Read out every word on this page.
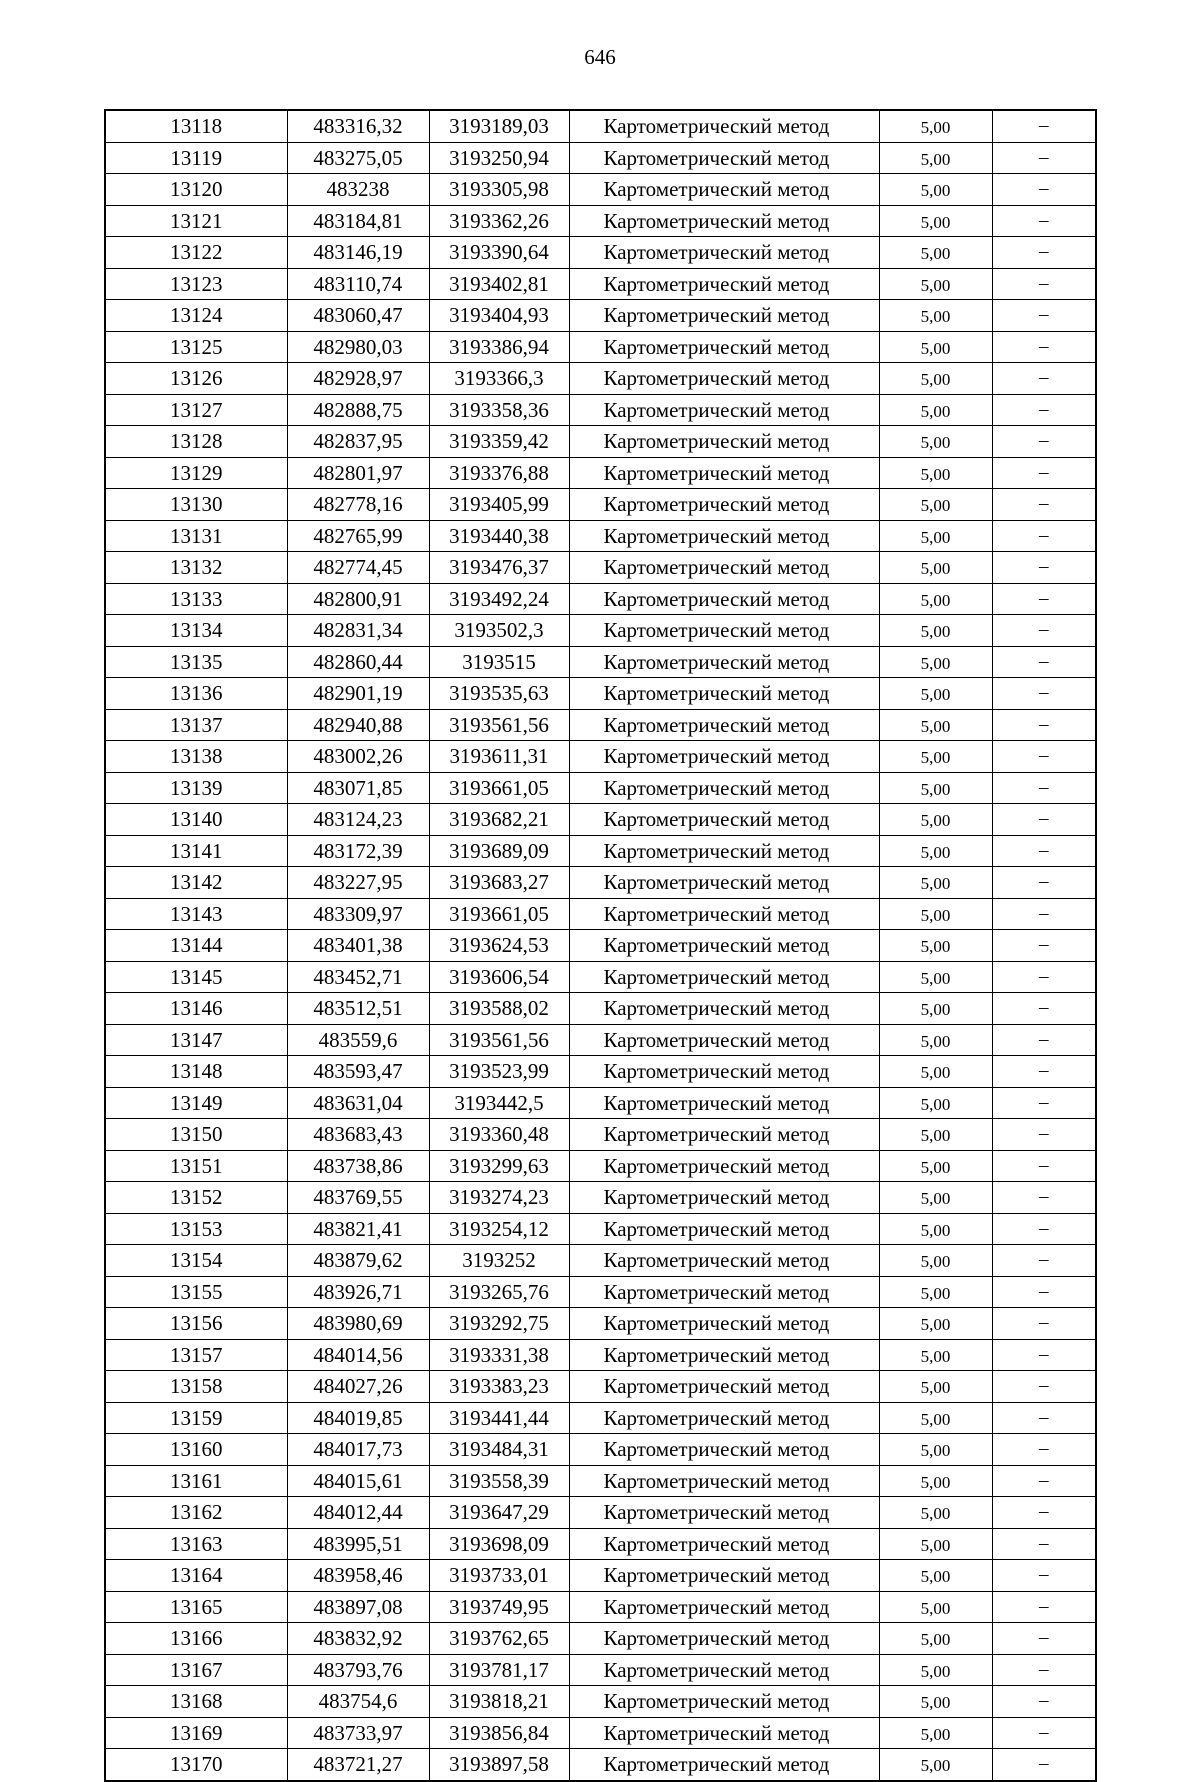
646
13118	483316,32	3193189,03	Картометрический метод	5,00	–
13119	483275,05	3193250,94	Картометрический метод	5,00	–
13120	483238	3193305,98	Картометрический метод	5,00	–
13121	483184,81	3193362,26	Картометрический метод	5,00	–
13122	483146,19	3193390,64	Картометрический метод	5,00	–
13123	483110,74	3193402,81	Картометрический метод	5,00	–
13124	483060,47	3193404,93	Картометрический метод	5,00	–
13125	482980,03	3193386,94	Картометрический метод	5,00	–
13126	482928,97	3193366,3	Картометрический метод	5,00	–
13127	482888,75	3193358,36	Картометрический метод	5,00	–
13128	482837,95	3193359,42	Картометрический метод	5,00	–
13129	482801,97	3193376,88	Картометрический метод	5,00	–
13130	482778,16	3193405,99	Картометрический метод	5,00	–
13131	482765,99	3193440,38	Картометрический метод	5,00	–
13132	482774,45	3193476,37	Картометрический метод	5,00	–
13133	482800,91	3193492,24	Картометрический метод	5,00	–
13134	482831,34	3193502,3	Картометрический метод	5,00	–
13135	482860,44	3193515	Картометрический метод	5,00	–
13136	482901,19	3193535,63	Картометрический метод	5,00	–
13137	482940,88	3193561,56	Картометрический метод	5,00	–
13138	483002,26	3193611,31	Картометрический метод	5,00	–
13139	483071,85	3193661,05	Картометрический метод	5,00	–
13140	483124,23	3193682,21	Картометрический метод	5,00	–
13141	483172,39	3193689,09	Картометрический метод	5,00	–
13142	483227,95	3193683,27	Картометрический метод	5,00	–
13143	483309,97	3193661,05	Картометрический метод	5,00	–
13144	483401,38	3193624,53	Картометрический метод	5,00	–
13145	483452,71	3193606,54	Картометрический метод	5,00	–
13146	483512,51	3193588,02	Картометрический метод	5,00	–
13147	483559,6	3193561,56	Картометрический метод	5,00	–
13148	483593,47	3193523,99	Картометрический метод	5,00	–
13149	483631,04	3193442,5	Картометрический метод	5,00	–
13150	483683,43	3193360,48	Картометрический метод	5,00	–
13151	483738,86	3193299,63	Картометрический метод	5,00	–
13152	483769,55	3193274,23	Картометрический метод	5,00	–
13153	483821,41	3193254,12	Картометрический метод	5,00	–
13154	483879,62	3193252	Картометрический метод	5,00	–
13155	483926,71	3193265,76	Картометрический метод	5,00	–
13156	483980,69	3193292,75	Картометрический метод	5,00	–
13157	484014,56	3193331,38	Картометрический метод	5,00	–
13158	484027,26	3193383,23	Картометрический метод	5,00	–
13159	484019,85	3193441,44	Картометрический метод	5,00	–
13160	484017,73	3193484,31	Картометрический метод	5,00	–
13161	484015,61	3193558,39	Картометрический метод	5,00	–
13162	484012,44	3193647,29	Картометрический метод	5,00	–
13163	483995,51	3193698,09	Картометрический метод	5,00	–
13164	483958,46	3193733,01	Картометрический метод	5,00	–
13165	483897,08	3193749,95	Картометрический метод	5,00	–
13166	483832,92	3193762,65	Картометрический метод	5,00	–
13167	483793,76	3193781,17	Картометрический метод	5,00	–
13168	483754,6	3193818,21	Картометрический метод	5,00	–
13169	483733,97	3193856,84	Картометрический метод	5,00	–
13170	483721,27	3193897,58	Картометрический метод	5,00	–
